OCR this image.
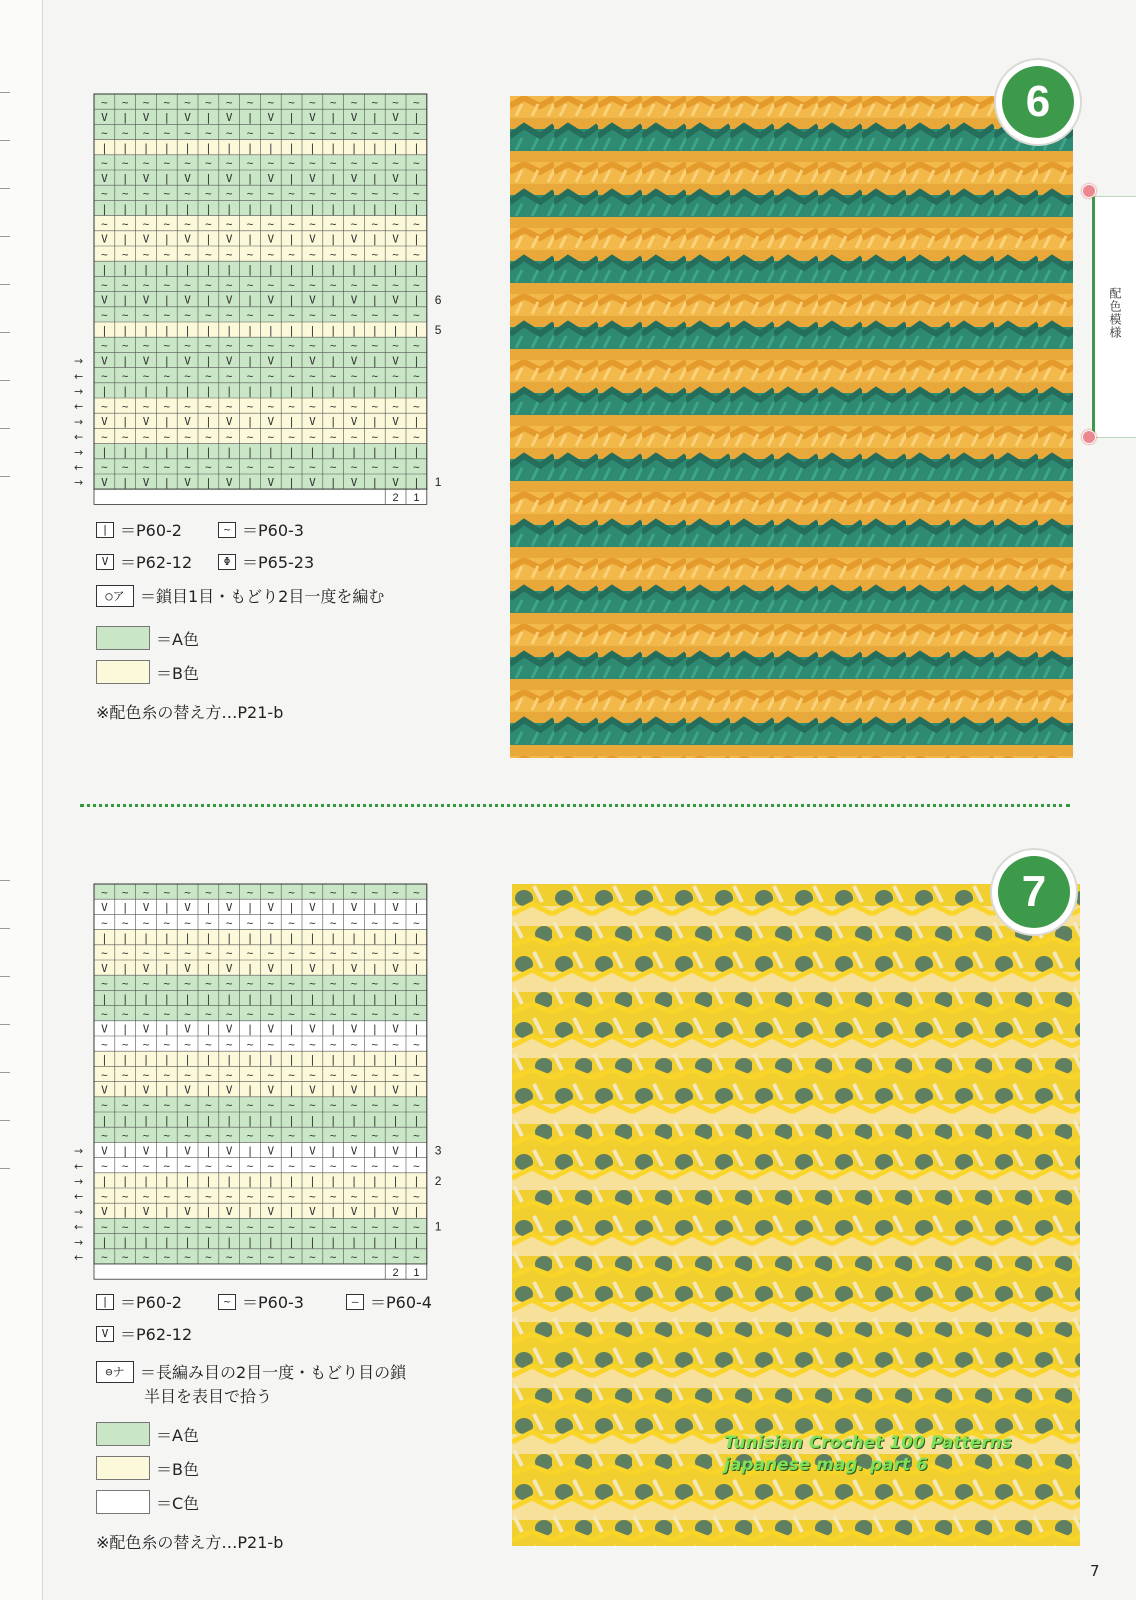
~ ~ ~ ~ ~ ~ ~ ~ ~ ~ ~ ~ ~ ~ ~ ~
V | V | V | V | V | V | V | V |
~ ~ ~ ~ ~ ~ ~ ~ ~ ~ ~ ~ ~ ~ ~ ~
| | | | | | | | | | | | | | | |
~ ~ ~ ~ ~ ~ ~ ~ ~ ~ ~ ~ ~ ~ ~ ~
V | V | V | V | V | V | V | V |
~ ~ ~ ~ ~ ~ ~ ~ ~ ~ ~ ~ ~ ~ ~ ~
| | | | | | | | | | | | | | | |
~ ~ ~ ~ ~ ~ ~ ~ ~ ~ ~ ~ ~ ~ ~ ~
V | V | V | V | V | V | V | V |
~ ~ ~ ~ ~ ~ ~ ~ ~ ~ ~ ~ ~ ~ ~ ~
| | | | | | | | | | | | | | | |
~ ~ ~ ~ ~ ~ ~ ~ ~ ~ ~ ~ ~ ~ ~ ~
V | V | V | V | V | V | V | V |
~ ~ ~ ~ ~ ~ ~ ~ ~ ~ ~ ~ ~ ~ ~ ~
| | | | | | | | | | | | | | | |
~ ~ ~ ~ ~ ~ ~ ~ ~ ~ ~ ~ ~ ~ ~ ~
V | V | V | V | V | V | V | V |
~ ~ ~ ~ ~ ~ ~ ~ ~ ~ ~ ~ ~ ~ ~ ~
| | | | | | | | | | | | | | | |
~ ~ ~ ~ ~ ~ ~ ~ ~ ~ ~ ~ ~ ~ ~ ~
V | V | V | V | V | V | V | V |
~ ~ ~ ~ ~ ~ ~ ~ ~ ~ ~ ~ ~ ~ ~ ~
| | | | | | | | | | | | | | | |
~ ~ ~ ~ ~ ~ ~ ~ ~ ~ ~ ~ ~ ~ ~ ~
V | V | V | V | V | V | V | V |
6
5
1
→
←
→
←
→
←
→
←
→
2 1
| ＝P60-2	~ ＝P60-3
V ＝P62-12	Φ ＝P65-23
○ア ＝鎖目1目・もどり2目一度を編む
＝A色
＝B色
※配色糸の替え方…P21-b
6
配色模様
~ ~ ~ ~ ~ ~ ~ ~ ~ ~ ~ ~ ~ ~ ~ ~
V | V | V | V | V | V | V | V |
~ ~ ~ ~ ~ ~ ~ ~ ~ ~ ~ ~ ~ ~ ~ ~
| | | | | | | | | | | | | | | |
~ ~ ~ ~ ~ ~ ~ ~ ~ ~ ~ ~ ~ ~ ~ ~
V | V | V | V | V | V | V | V |
~ ~ ~ ~ ~ ~ ~ ~ ~ ~ ~ ~ ~ ~ ~ ~
| | | | | | | | | | | | | | | |
~ ~ ~ ~ ~ ~ ~ ~ ~ ~ ~ ~ ~ ~ ~ ~
V | V | V | V | V | V | V | V |
~ ~ ~ ~ ~ ~ ~ ~ ~ ~ ~ ~ ~ ~ ~ ~
| | | | | | | | | | | | | | | |
~ ~ ~ ~ ~ ~ ~ ~ ~ ~ ~ ~ ~ ~ ~ ~
V | V | V | V | V | V | V | V |
~ ~ ~ ~ ~ ~ ~ ~ ~ ~ ~ ~ ~ ~ ~ ~
| | | | | | | | | | | | | | | |
~ ~ ~ ~ ~ ~ ~ ~ ~ ~ ~ ~ ~ ~ ~ ~
V | V | V | V | V | V | V | V |
~ ~ ~ ~ ~ ~ ~ ~ ~ ~ ~ ~ ~ ~ ~ ~
| | | | | | | | | | | | | | | |
~ ~ ~ ~ ~ ~ ~ ~ ~ ~ ~ ~ ~ ~ ~ ~
V | V | V | V | V | V | V | V |
~ ~ ~ ~ ~ ~ ~ ~ ~ ~ ~ ~ ~ ~ ~ ~
| | | | | | | | | | | | | | | |
~ ~ ~ ~ ~ ~ ~ ~ ~ ~ ~ ~ ~ ~ ~ ~
3
2
1
→
←
→
←
→
←
→
←
2 1
| ＝P60-2	~ ＝P60-3	– ＝P60-4
V ＝P62-12
⊖ナ ＝長編み目の2目一度・もどり目の鎖
半目を表目で拾う
＝A色
＝B色
＝C色
※配色糸の替え方…P21-b
7
Tunisian Crochet 100 Patterns
japanese mag. part 6
7
